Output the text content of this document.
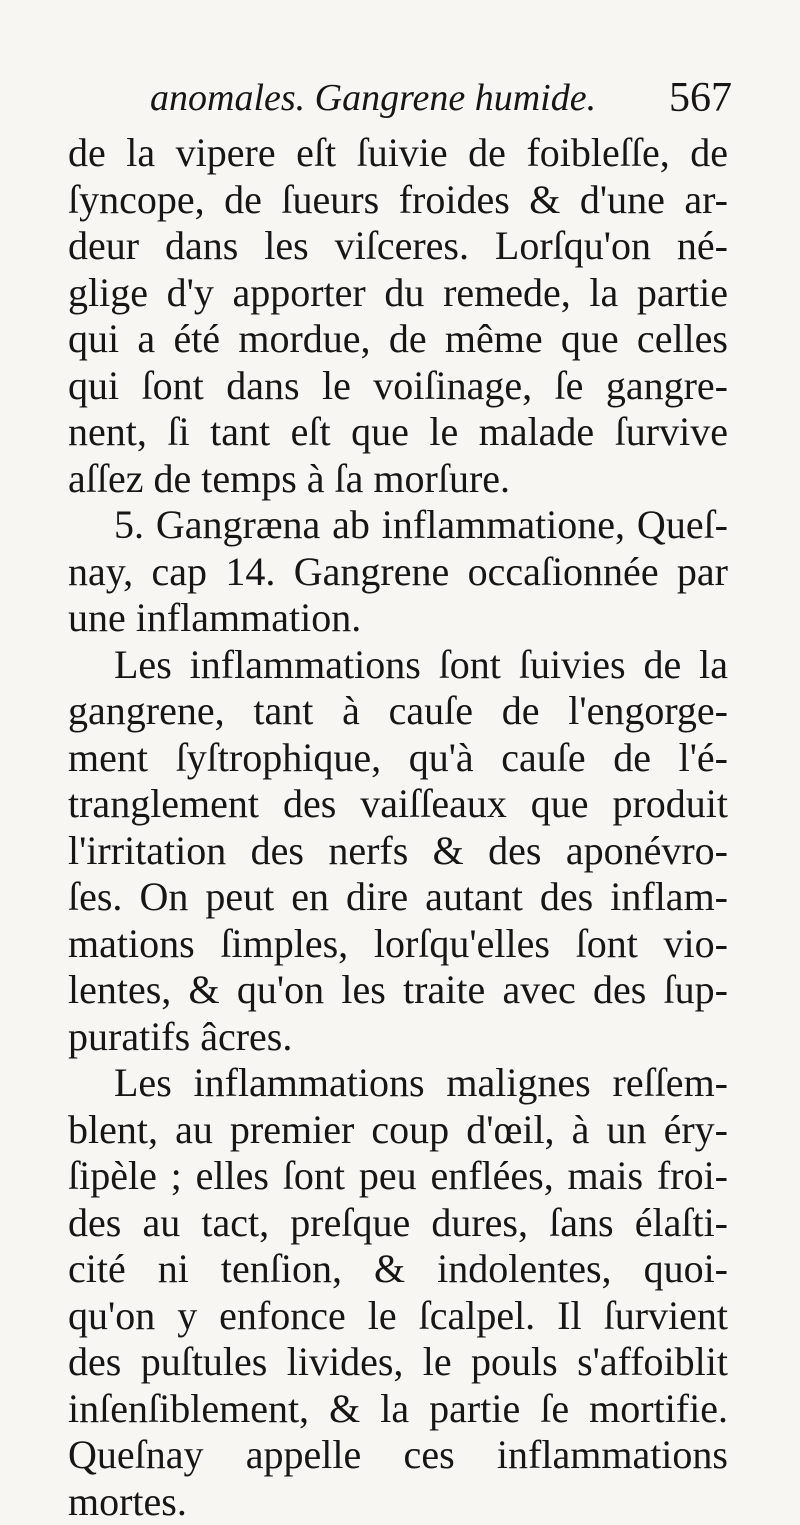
anomales. Gangrene humide. 567
de la vipere eſt ſuivie de foibleſſe, de
ſyncope, de ſueurs froides & d'une ar-
deur dans les viſceres. Lorſqu'on né-
glige d'y apporter du remede, la partie
qui a été mordue, de même que celles
qui ſont dans le voiſinage, ſe gangre-
nent, ſi tant eſt que le malade ſurvive
aſſez de temps à ſa morſure.
5. Gangræna ab inflammatione, Queſ-
nay, cap 14. Gangrene occaſionnée par
une inflammation.
Les inflammations ſont ſuivies de la
gangrene, tant à cauſe de l'engorge-
ment ſyſtrophique, qu'à cauſe de l'é-
tranglement des vaiſſeaux que produit
l'irritation des nerfs & des aponévro-
ſes. On peut en dire autant des inflam-
mations ſimples, lorſqu'elles ſont vio-
lentes, & qu'on les traite avec des ſup-
puratifs âcres.
Les inflammations malignes reſſem-
blent, au premier coup d'œil, à un éry-
ſipèle ; elles ſont peu enflées, mais froi-
des au tact, preſque dures, ſans élaſti-
cité ni tenſion, & indolentes, quoi-
qu'on y enfonce le ſcalpel. Il ſurvient
des puſtules livides, le pouls s'affoiblit
inſenſiblement, & la partie ſe mortifie.
Queſnay appelle ces inflammations
mortes.
